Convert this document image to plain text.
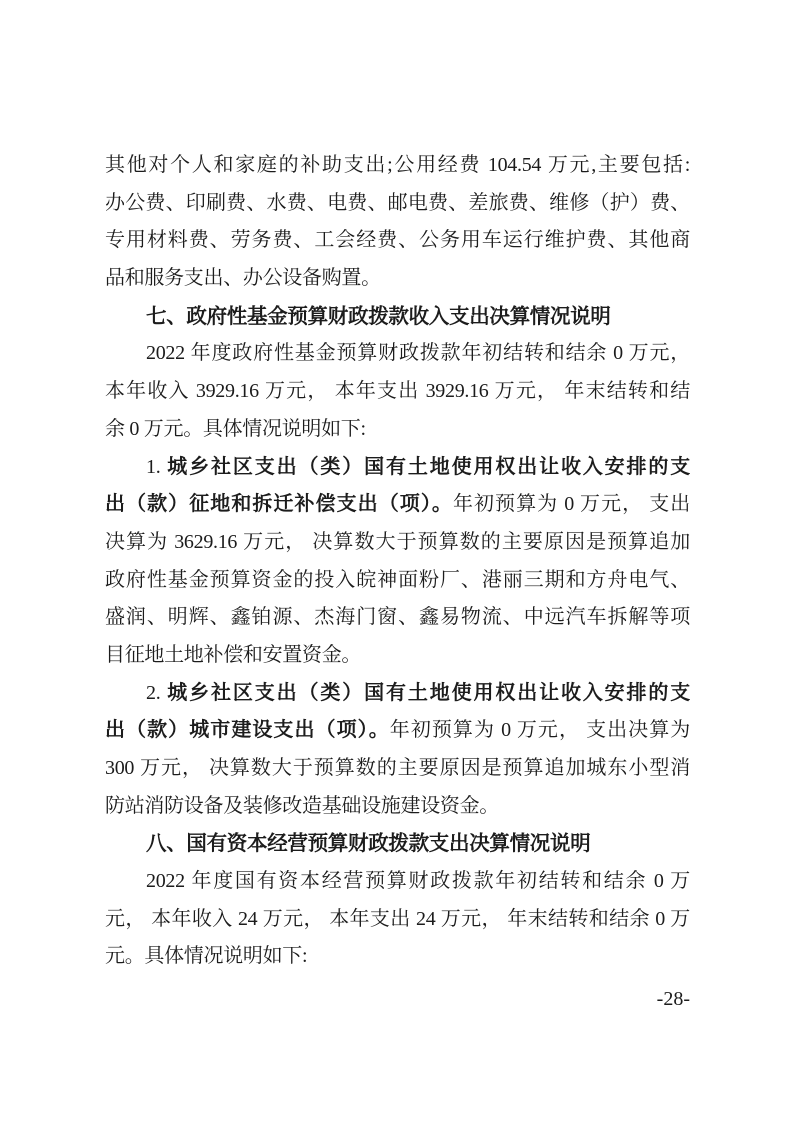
其他对个人和家庭的补助支出;公用经费 104.54 万元,主要包括:
办公费、印刷费、水费、电费、邮电费、差旅费、维修（护）费、
专用材料费、劳务费、工会经费、公务用车运行维护费、其他商
品和服务支出、办公设备购置。
七、政府性基金预算财政拨款收入支出决算情况说明
2022 年度政府性基金预算财政拨款年初结转和结余 0 万元，
本年收入 3929.16 万元， 本年支出 3929.16 万元， 年末结转和结
余 0 万元。具体情况说明如下:
1. 城乡社区支出（类）国有土地使用权出让收入安排的支
出（款）征地和拆迁补偿支出（项）。年初预算为 0 万元， 支出
决算为 3629.16 万元， 决算数大于预算数的主要原因是预算追加
政府性基金预算资金的投入皖神面粉厂、港丽三期和方舟电气、
盛润、明辉、鑫铂源、杰海门窗、鑫易物流、中远汽车拆解等项
目征地土地补偿和安置资金。
2. 城乡社区支出（类）国有土地使用权出让收入安排的支
出（款）城市建设支出（项）。年初预算为 0 万元， 支出决算为
300 万元， 决算数大于预算数的主要原因是预算追加城东小型消
防站消防设备及装修改造基础设施建设资金。
八、国有资本经营预算财政拨款支出决算情况说明
2022 年度国有资本经营预算财政拨款年初结转和结余 0 万
元， 本年收入 24 万元， 本年支出 24 万元， 年末结转和结余 0 万
元。具体情况说明如下:
-28-
